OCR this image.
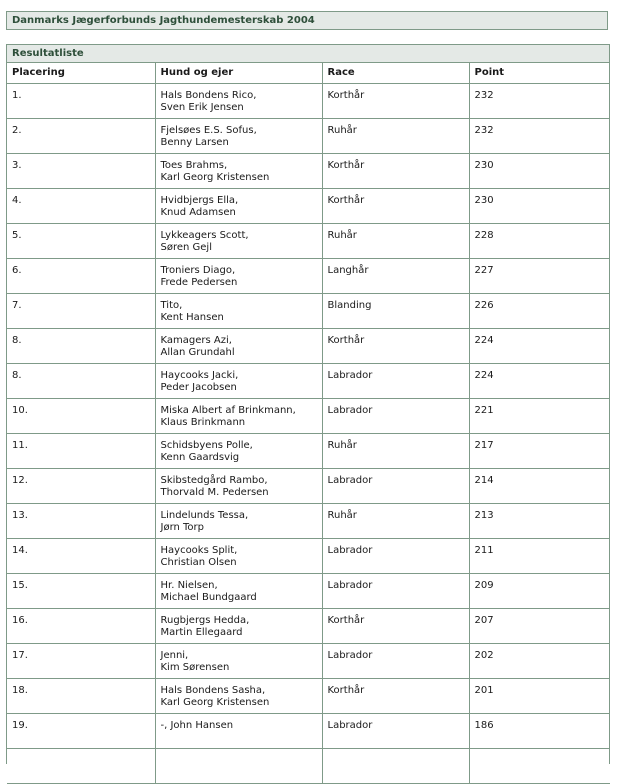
Danmarks Jægerforbunds Jagthundemesterskab 2004
Resultatliste
Placering	Hund og ejer	Race	Point
1.	Hals Bondens Rico,
Sven Erik Jensen	Korthår	232
2.	Fjelsøes E.S. Sofus,
Benny Larsen	Ruhår	232
3.	Toes Brahms,
Karl Georg Kristensen	Korthår	230
4.	Hvidbjergs Ella,
Knud Adamsen	Korthår	230
5.	Lykkeagers Scott,
Søren Gejl	Ruhår	228
6.	Troniers Diago,
Frede Pedersen	Langhår	227
7.	Tito,
Kent Hansen	Blanding	226
8.	Kamagers Azi,
Allan Grundahl	Korthår	224
8.	Haycooks Jacki,
Peder Jacobsen	Labrador	224
10.	Miska Albert af Brinkmann,
Klaus Brinkmann	Labrador	221
11.	Schidsbyens Polle,
Kenn Gaardsvig	Ruhår	217
12.	Skibstedgård Rambo,
Thorvald M. Pedersen	Labrador	214
13.	Lindelunds Tessa,
Jørn Torp	Ruhår	213
14.	Haycooks Split,
Christian Olsen	Labrador	211
15.	Hr. Nielsen,
Michael Bundgaard	Labrador	209
16.	Rugbjergs Hedda,
Martin Ellegaard	Korthår	207
17.	Jenni,
Kim Sørensen	Labrador	202
18.	Hals Bondens Sasha,
Karl Georg Kristensen	Korthår	201
19.	-, John Hansen	Labrador	186
